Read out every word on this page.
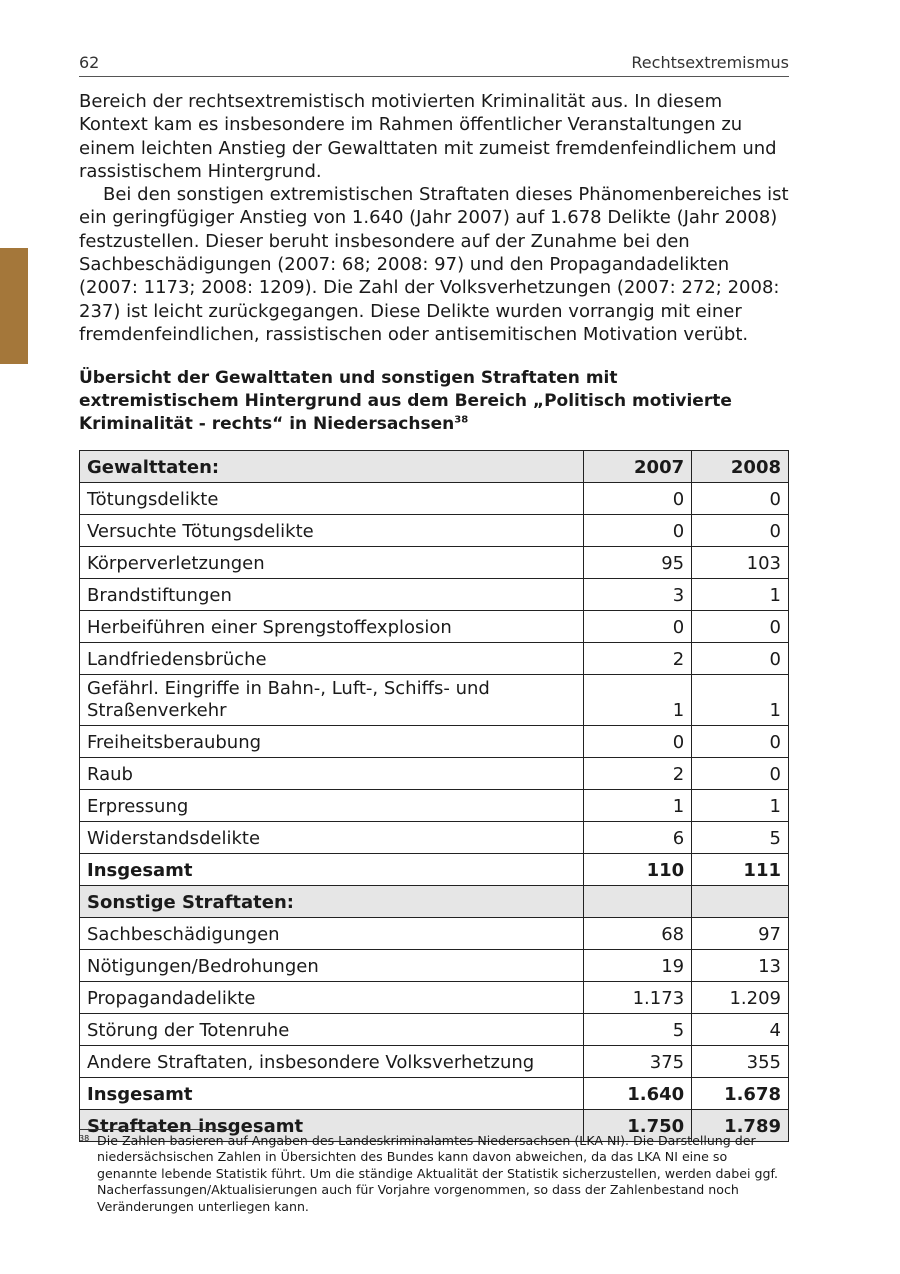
62	Rechtsextremismus

Bereich der rechtsextremistisch motivierten Kriminalität aus. In diesem Kontext kam es insbesondere im Rahmen öffentlicher Veranstaltungen zu einem leichten Anstieg der Gewalttaten mit zumeist fremdenfeindlichem und rassistischem Hintergrund.

Bei den sonstigen extremistischen Straftaten dieses Phänomenbereiches ist ein geringfügiger Anstieg von 1.640 (Jahr 2007) auf 1.678 Delikte (Jahr 2008) festzustellen. Dieser beruht insbesondere auf der Zunahme bei den Sachbeschädigungen (2007: 68; 2008: 97) und den Propagandadelikten (2007: 1173; 2008: 1209). Die Zahl der Volksverhetzungen (2007: 272; 2008: 237) ist leicht zurückgegangen. Diese Delikte wurden vorrangig mit einer fremdenfeindlichen, rassistischen oder antisemitischen Motivation verübt.

Übersicht der Gewalttaten und sonstigen Straftaten mit extremistischem Hintergrund aus dem Bereich „Politisch motivierte Kriminalität - rechts“ in Niedersachsen$^{38}$
Gewalttaten:	2007	2008
Tötungsdelikte	0	0
Versuchte Tötungsdelikte	0	0
Körperverletzungen	95	103
Brandstiftungen	3	1
Herbeiführen einer Sprengstoffexplosion	0	0
Landfriedensbrüche	2	0
Gefährl. Eingriffe in Bahn-, Luft-, Schiffs- und Straßenverkehr	1	1
Freiheitsberaubung	0	0
Raub	2	0
Erpressung	1	1
Widerstandsdelikte	6	5
Insgesamt	110	111
Sonstige Straftaten:		
Sachbeschädigungen	68	97
Nötigungen/Bedrohungen	19	13
Propagandadelikte	1.173	1.209
Störung der Totenruhe	5	4
Andere Straftaten, insbesondere Volksverhetzung	375	355
Insgesamt	1.640	1.678
Straftaten insgesamt	1.750	1.789
38 Die Zahlen basieren auf Angaben des Landeskriminalamtes Niedersachsen (LKA NI). Die Darstellung der niedersächsischen Zahlen in Übersichten des Bundes kann davon abweichen, da das LKA NI eine so genannte lebende Statistik führt. Um die ständige Aktualität der Statistik sicherzustellen, werden dabei ggf. Nacherfassungen/Aktualisierungen auch für Vorjahre vorgenommen, so dass der Zahlenbestand noch Veränderungen unterliegen kann.
